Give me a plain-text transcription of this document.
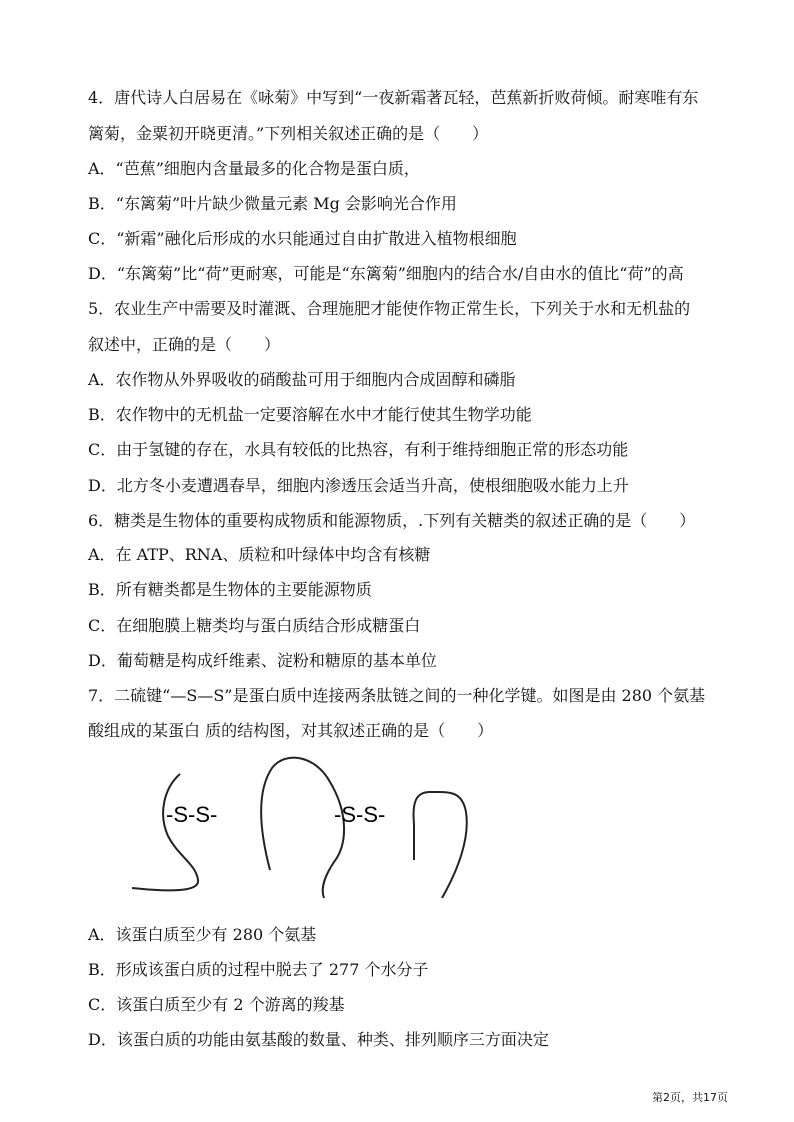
4．唐代诗人白居易在《咏菊》中写到“一夜新霜著瓦轻，芭蕉新折败荷倾。耐寒唯有东
篱菊，金粟初开晓更清。”下列相关叙述正确的是（　　）
A．“芭蕉”细胞内含量最多的化合物是蛋白质，
B．“东篱菊”叶片缺少微量元素 Mg 会影响光合作用
C．“新霜”融化后形成的水只能通过自由扩散进入植物根细胞
D．“东篱菊”比“荷”更耐寒，可能是“东篱菊”细胞内的结合水/自由水的值比“荷”的高
5．农业生产中需要及时灌溉、合理施肥才能使作物正常生长，下列关于水和无机盐的
叙述中，正确的是（　　）
A．农作物从外界吸收的硝酸盐可用于细胞内合成固醇和磷脂
B．农作物中的无机盐一定要溶解在水中才能行使其生物学功能
C．由于氢键的存在，水具有较低的比热容，有利于维持细胞正常的形态功能
D．北方冬小麦遭遇春旱，细胞内渗透压会适当升高，使根细胞吸水能力上升
6．糖类是生物体的重要构成物质和能源物质，.下列有关糖类的叙述正确的是（　　）
A．在 ATP、RNA、质粒和叶绿体中均含有核糖
B．所有糖类都是生物体的主要能源物质
C．在细胞膜上糖类均与蛋白质结合形成糖蛋白
D．葡萄糖是构成纤维素、淀粉和糖原的基本单位
7．二硫键“—S—S”是蛋白质中连接两条肽链之间的一种化学键。如图是由 280 个氨基
酸组成的某蛋白 质的结构图，对其叙述正确的是（　　）
-S-S-	-S-S-
A．该蛋白质至少有 280 个氨基
B．形成该蛋白质的过程中脱去了 277 个水分子
C．该蛋白质至少有 2 个游离的羧基
D．该蛋白质的功能由氨基酸的数量、种类、排列顺序三方面决定
第2页，共17页
